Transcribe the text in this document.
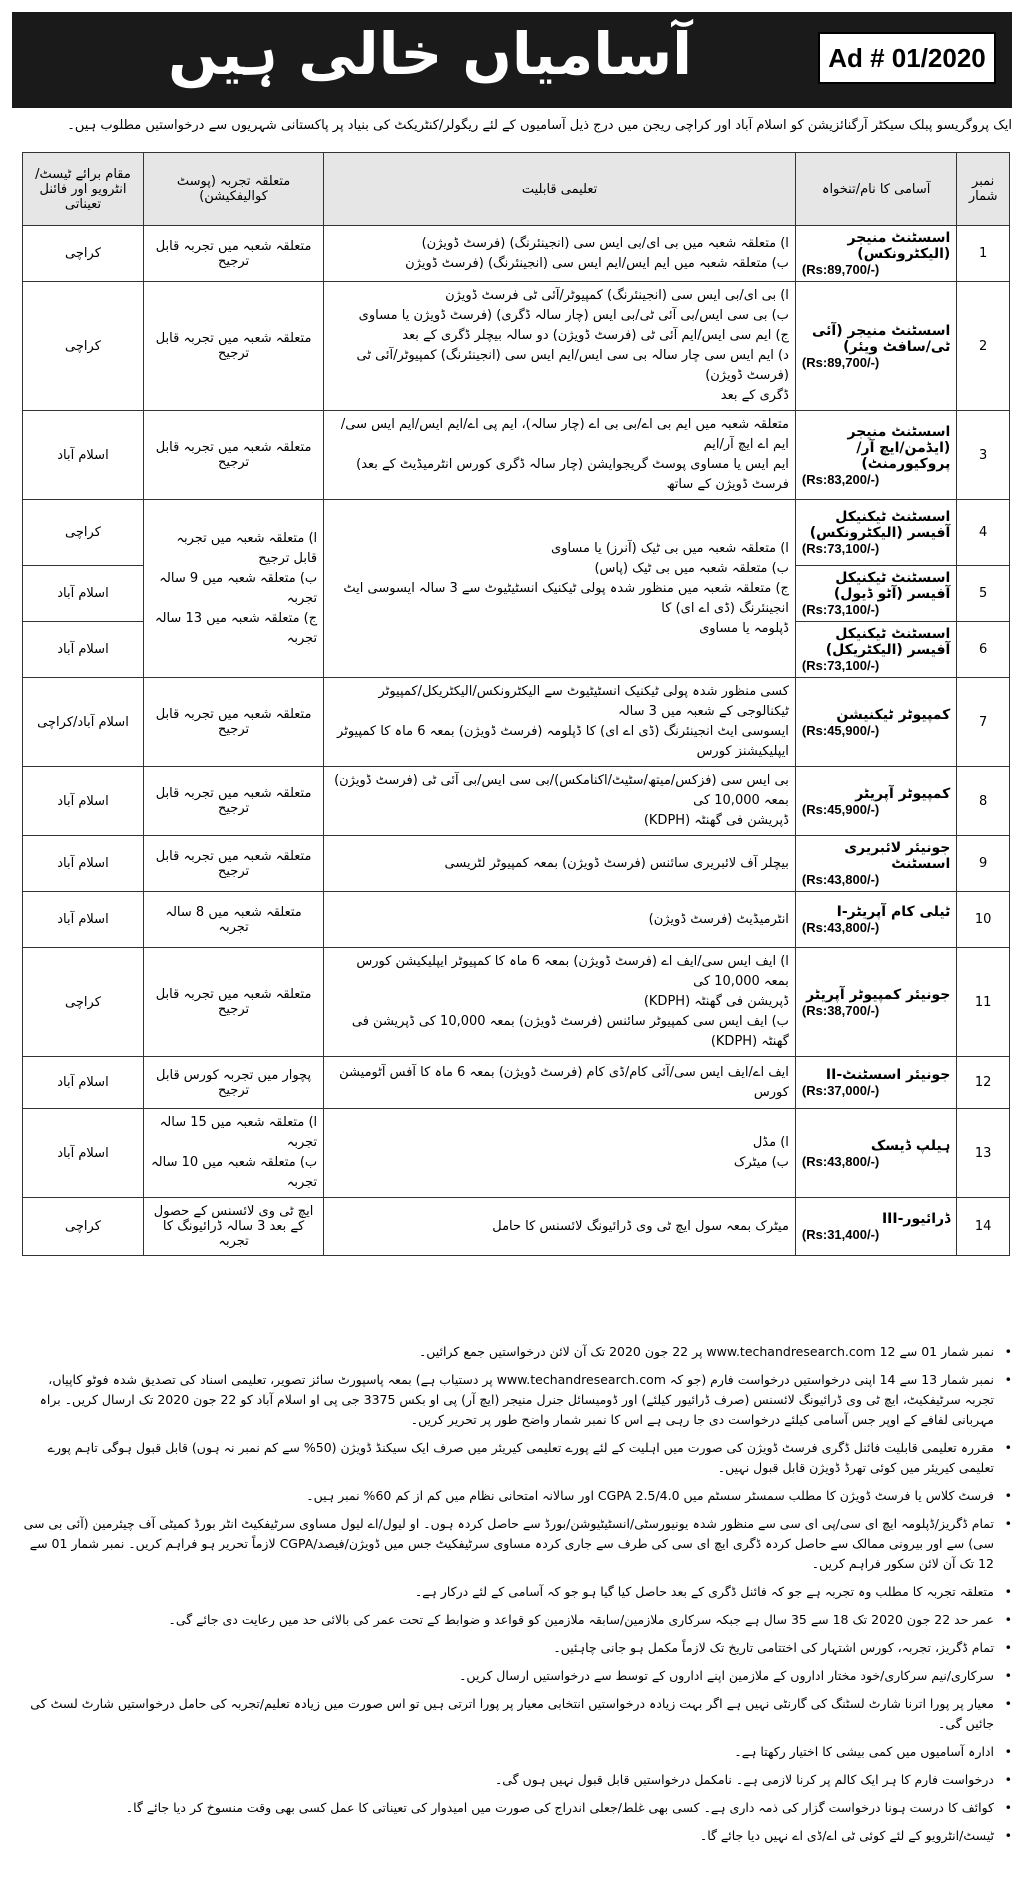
آسامیاں خالی ہیں	Ad # 01/2020
ایک پروگریسو پبلک سیکٹر آرگنائزیشن کو اسلام آباد اور کراچی ریجن میں درج ذیل آسامیوں کے لئے ریگولر/کنٹریکٹ کی بنیاد پر پاکستانی شہریوں سے درخواستیں مطلوب ہیں۔
نمبر شمار	آسامی کا نام/تنخواہ	تعلیمی قابلیت	متعلقہ تجربہ (پوسٹ کوالیفکیشن)	مقام برائے ٹیسٹ/انٹرویو اور فائنل تعیناتی
1	اسسٹنٹ منیجر (الیکٹرونکس)
(Rs:89,700/-)	ا) متعلقہ شعبہ میں بی ای/بی ایس سی (انجینئرنگ) (فرسٹ ڈویژن)
ب) متعلقہ شعبہ میں ایم ایس/ایم ایس سی (انجینئرنگ) (فرسٹ ڈویژن	متعلقہ شعبہ میں تجربہ قابل ترجیح	کراچی
2	اسسٹنٹ منیجر (آئی ٹی/سافٹ ویئر)
(Rs:89,700/-)	ا) بی ای/بی ایس سی (انجینئرنگ) کمپیوٹر/آئی ٹی فرسٹ ڈویژن
ب) بی سی ایس/بی آئی ٹی/بی ایس (چار سالہ ڈگری) (فرسٹ ڈویژن یا مساوی
ج) ایم سی ایس/ایم آئی ٹی (فرسٹ ڈویژن) دو سالہ بیچلر ڈگری کے بعد
د) ایم ایس سی چار سالہ بی سی ایس/ایم ایس سی (انجینئرنگ) کمپیوٹر/آئی ٹی (فرسٹ ڈویژن)
ڈگری کے بعد	متعلقہ شعبہ میں تجربہ قابل ترجیح	کراچی
3	اسسٹنٹ منیجر (ایڈمن/ایچ آر/پروکیورمنٹ)
(Rs:83,200/-)	متعلقہ شعبہ میں ایم بی اے/بی بی اے (چار سالہ)، ایم پی اے/ایم ایس/ایم ایس سی/ایم اے ایچ آر/ایم
ایم ایس یا مساوی پوسٹ گریجوایشن (چار سالہ ڈگری کورس انٹرمیڈیٹ کے بعد) فرسٹ ڈویژن کے ساتھ	متعلقہ شعبہ میں تجربہ قابل ترجیح	اسلام آباد
4	اسسٹنٹ ٹیکنیکل آفیسر (الیکٹرونکس)
(Rs:73,100/-)	ا) متعلقہ شعبہ میں بی ٹیک (آنرز) یا مساوی
ب) متعلقہ شعبہ میں بی ٹیک (پاس)
ج) متعلقہ شعبہ میں منظور شدہ پولی ٹیکنیک انسٹیٹیوٹ سے 3 سالہ ایسوسی ایٹ انجینئرنگ (ڈی اے ای) کا
ڈپلومہ یا مساوی	ا) متعلقہ شعبہ میں تجربہ قابل ترجیح
ب) متعلقہ شعبہ میں 9 سالہ تجربہ
ج) متعلقہ شعبہ میں 13 سالہ تجربہ	کراچی
5	اسسٹنٹ ٹیکنیکل آفیسر (آٹو ڈیول)
(Rs:73,100/-)			اسلام آباد
6	اسسٹنٹ ٹیکنیکل آفیسر (الیکٹریکل)
(Rs:73,100/-)			اسلام آباد
7	کمپیوٹر ٹیکنیشن
(Rs:45,900/-)	کسی منظور شدہ پولی ٹیکنیک انسٹیٹیوٹ سے الیکٹرونکس/الیکٹریکل/کمپیوٹر ٹیکنالوجی کے شعبہ میں 3 سالہ
ایسوسی ایٹ انجینئرنگ (ڈی اے ای) کا ڈپلومہ (فرسٹ ڈویژن) بمعہ 6 ماہ کا کمپیوٹر ایپلیکیشنز کورس	متعلقہ شعبہ میں تجربہ قابل ترجیح	اسلام آباد/کراچی
8	کمپیوٹر آپریٹر
(Rs:45,900/-)	بی ایس سی (فزکس/میتھ/سٹیٹ/اکنامکس)/بی سی ایس/بی آئی ٹی (فرسٹ ڈویژن) بمعہ 10,000 کی
ڈپریشن فی گھنٹہ (KDPH)	متعلقہ شعبہ میں تجربہ قابل ترجیح	اسلام آباد
9	جونیئر لائبریری اسسٹنٹ
(Rs:43,800/-)	بیچلر آف لائبریری سائنس (فرسٹ ڈویژن) بمعہ کمپیوٹر لٹریسی	متعلقہ شعبہ میں تجربہ قابل ترجیح	اسلام آباد
10	ٹیلی کام آپریٹر-I
(Rs:43,800/-)	انٹرمیڈیٹ (فرسٹ ڈویژن)	متعلقہ شعبہ میں 8 سالہ تجربہ	اسلام آباد
11	جونیئر کمپیوٹر آپریٹر
(Rs:38,700/-)	ا) ایف ایس سی/ایف اے (فرسٹ ڈویژن) بمعہ 6 ماہ کا کمپیوٹر ایپلیکیشن کورس بمعہ 10,000 کی
ڈپریشن فی گھنٹہ (KDPH)
ب) ایف ایس سی کمپیوٹر سائنس (فرسٹ ڈویژن) بمعہ 10,000 کی ڈپریشن فی گھنٹہ (KDPH)	متعلقہ شعبہ میں تجربہ قابل ترجیح	کراچی
12	جونیئر اسسٹنٹ-II
(Rs:37,000/-)	ایف اے/ایف ایس سی/آئی کام/ڈی کام (فرسٹ ڈویژن) بمعہ 6 ماہ کا آفس آٹومیشن کورس	پچوار میں تجربہ کورس قابل ترجیح	اسلام آباد
13	ہیلپ ڈیسک
(Rs:43,800/-)	ا) مڈل
ب) میٹرک	ا) متعلقہ شعبہ میں 15 سالہ تجربہ
ب) متعلقہ شعبہ میں 10 سالہ تجربہ	اسلام آباد
14	ڈرائیور-III
(Rs:31,400/-)	میٹرک بمعہ سول ایچ ٹی وی ڈرائیونگ لائسنس کا حامل	ایچ ٹی وی لائسنس کے حصول کے بعد 3 سالہ ڈرائیونگ کا تجربہ	کراچی
•
نمبر شمار 01 سے 12 www.techandresearch.com پر 22 جون 2020 تک آن لائن درخواستیں جمع کرائیں۔
•
نمبر شمار 13 سے 14 اپنی درخواستیں درخواست فارم (جو کہ www.techandresearch.com پر دستیاب ہے) بمعہ پاسپورٹ سائز تصویر، تعلیمی اسناد کی تصدیق شدہ فوٹو کاپیاں، تجربہ سرٹیفکیٹ، ایچ ٹی وی ڈرائیونگ لائسنس (صرف ڈرائیور کیلئے) اور ڈومیسائل جنرل منیجر (ایچ آر) پی او بکس 3375 جی پی او اسلام آباد کو 22 جون 2020 تک ارسال کریں۔ براہ مہربانی لفافے کے اوپر جس آسامی کیلئے درخواست دی جا رہی ہے اس کا نمبر شمار واضح طور پر تحریر کریں۔
•
مقررہ تعلیمی قابلیت فائنل ڈگری فرسٹ ڈویژن کی صورت میں اہلیت کے لئے پورے تعلیمی کیریئر میں صرف ایک سیکنڈ ڈویژن (50% سے کم نمبر نہ ہوں) قابل قبول ہوگی تاہم پورے تعلیمی کیریئر میں کوئی تھرڈ ڈویژن قابل قبول نہیں۔
•
فرسٹ کلاس یا فرسٹ ڈویژن کا مطلب سمسٹر سسٹم میں CGPA 2.5/4.0 اور سالانہ امتحانی نظام میں کم از کم 60% نمبر ہیں۔
•
تمام ڈگریز/ڈپلومہ ایچ ای سی/پی ای سی سے منظور شدہ یونیورسٹی/انسٹیٹیوشن/بورڈ سے حاصل کردہ ہوں۔ او لیول/اے لیول مساوی سرٹیفکیٹ انٹر بورڈ کمیٹی آف چیئرمین (آئی بی سی سی) سے اور بیرونی ممالک سے حاصل کردہ ڈگری ایچ ای سی کی طرف سے جاری کردہ مساوی سرٹیفکیٹ جس میں ڈویژن/فیصد/CGPA لازماً تحریر ہو فراہم کریں۔ نمبر شمار 01 سے 12 تک آن لائن سکور فراہم کریں۔
•
متعلقہ تجربہ کا مطلب وہ تجربہ ہے جو کہ فائنل ڈگری کے بعد حاصل کیا گیا ہو جو کہ آسامی کے لئے درکار ہے۔
•
عمر حد 22 جون 2020 تک 18 سے 35 سال ہے جبکہ سرکاری ملازمین/سابقہ ملازمین کو قواعد و ضوابط کے تحت عمر کی بالائی حد میں رعایت دی جائے گی۔
•
تمام ڈگریز، تجربہ، کورس اشتہار کی اختتامی تاریخ تک لازماً مکمل ہو جانی چاہئیں۔
•
سرکاری/نیم سرکاری/خود مختار اداروں کے ملازمین اپنے اداروں کے توسط سے درخواستیں ارسال کریں۔
•
معیار پر پورا اترنا شارٹ لسٹنگ کی گارنٹی نہیں ہے اگر بہت زیادہ درخواستیں انتخابی معیار پر پورا اترتی ہیں تو اس صورت میں زیادہ تعلیم/تجربہ کی حامل درخواستیں شارٹ لسٹ کی جائیں گی۔
•
ادارہ آسامیوں میں کمی بیشی کا اختیار رکھتا ہے۔
•
درخواست فارم کا ہر ایک کالم پر کرنا لازمی ہے۔ نامکمل درخواستیں قابل قبول نہیں ہوں گی۔
•
کوائف کا درست ہونا درخواست گزار کی ذمہ داری ہے۔ کسی بھی غلط/جعلی اندراج کی صورت میں امیدوار کی تعیناتی کا عمل کسی بھی وقت منسوخ کر دیا جائے گا۔
•
ٹیسٹ/انٹرویو کے لئے کوئی ٹی اے/ڈی اے نہیں دیا جائے گا۔
